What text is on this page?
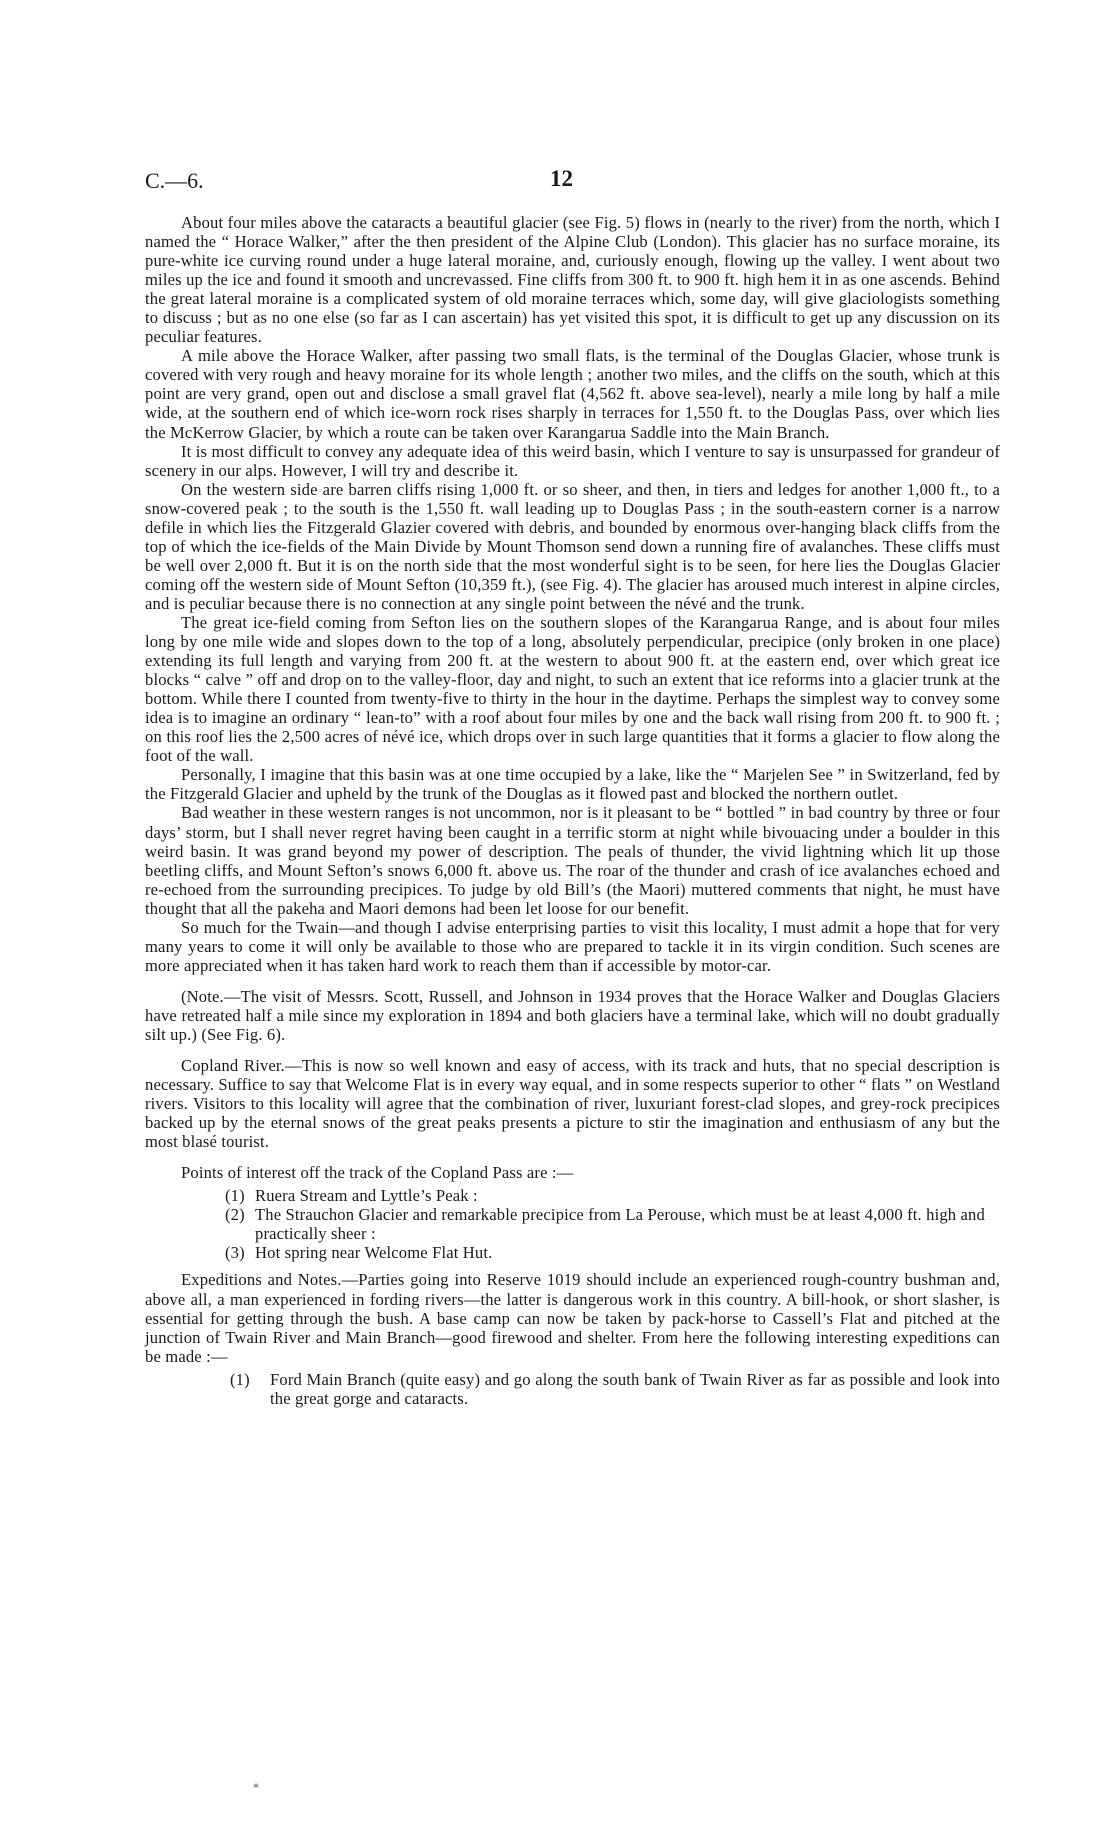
C.—6.	12

About four miles above the cataracts a beautiful glacier (see Fig. 5) flows in (nearly to the river) from the north, which I named the “ Horace Walker,” after the then president of the Alpine Club (London). This glacier has no surface moraine, its pure-white ice curving round under a huge lateral moraine, and, curiously enough, flowing up the valley. I went about two miles up the ice and found it smooth and uncrevassed. Fine cliffs from 300 ft. to 900 ft. high hem it in as one ascends. Behind the great lateral moraine is a complicated system of old moraine terraces which, some day, will give glaciologists something to discuss ; but as no one else (so far as I can ascertain) has yet visited this spot, it is difficult to get up any discussion on its peculiar features.

A mile above the Horace Walker, after passing two small flats, is the terminal of the Douglas Glacier, whose trunk is covered with very rough and heavy moraine for its whole length ; another two miles, and the cliffs on the south, which at this point are very grand, open out and disclose a small gravel flat (4,562 ft. above sea-level), nearly a mile long by half a mile wide, at the southern end of which ice-worn rock rises sharply in terraces for 1,550 ft. to the Douglas Pass, over which lies the McKerrow Glacier, by which a route can be taken over Karangarua Saddle into the Main Branch.

It is most difficult to convey any adequate idea of this weird basin, which I venture to say is unsurpassed for grandeur of scenery in our alps. However, I will try and describe it.

On the western side are barren cliffs rising 1,000 ft. or so sheer, and then, in tiers and ledges for another 1,000 ft., to a snow-covered peak ; to the south is the 1,550 ft. wall leading up to Douglas Pass ; in the south-eastern corner is a narrow defile in which lies the Fitzgerald Glazier covered with debris, and bounded by enormous over-hanging black cliffs from the top of which the ice-fields of the Main Divide by Mount Thomson send down a running fire of avalanches. These cliffs must be well over 2,000 ft. But it is on the north side that the most wonderful sight is to be seen, for here lies the Douglas Glacier coming off the western side of Mount Sefton (10,359 ft.), (see Fig. 4). The glacier has aroused much interest in alpine circles, and is peculiar because there is no connection at any single point between the névé and the trunk.

The great ice-field coming from Sefton lies on the southern slopes of the Karangarua Range, and is about four miles long by one mile wide and slopes down to the top of a long, absolutely perpendicular, precipice (only broken in one place) extending its full length and varying from 200 ft. at the western to about 900 ft. at the eastern end, over which great ice blocks “ calve ” off and drop on to the valley-floor, day and night, to such an extent that ice reforms into a glacier trunk at the bottom. While there I counted from twenty-five to thirty in the hour in the daytime. Perhaps the simplest way to convey some idea is to imagine an ordinary “ lean-to” with a roof about four miles by one and the back wall rising from 200 ft. to 900 ft. ; on this roof lies the 2,500 acres of névé ice, which drops over in such large quantities that it forms a glacier to flow along the foot of the wall.

Personally, I imagine that this basin was at one time occupied by a lake, like the “ Marjelen See ” in Switzerland, fed by the Fitzgerald Glacier and upheld by the trunk of the Douglas as it flowed past and blocked the northern outlet.

Bad weather in these western ranges is not uncommon, nor is it pleasant to be “ bottled ” in bad country by three or four days’ storm, but I shall never regret having been caught in a terrific storm at night while bivouacing under a boulder in this weird basin. It was grand beyond my power of description. The peals of thunder, the vivid lightning which lit up those beetling cliffs, and Mount Sefton’s snows 6,000 ft. above us. The roar of the thunder and crash of ice avalanches echoed and re-echoed from the surrounding precipices. To judge by old Bill’s (the Maori) muttered comments that night, he must have thought that all the pakeha and Maori demons had been let loose for our benefit.

So much for the Twain—and though I advise enterprising parties to visit this locality, I must admit a hope that for very many years to come it will only be available to those who are prepared to tackle it in its virgin condition. Such scenes are more appreciated when it has taken hard work to reach them than if accessible by motor-car.

(Note.—The visit of Messrs. Scott, Russell, and Johnson in 1934 proves that the Horace Walker and Douglas Glaciers have retreated half a mile since my exploration in 1894 and both glaciers have a terminal lake, which will no doubt gradually silt up.) (See Fig. 6).

Copland River.—This is now so well known and easy of access, with its track and huts, that no special description is necessary. Suffice to say that Welcome Flat is in every way equal, and in some respects superior to other “ flats ” on Westland rivers. Visitors to this locality will agree that the combination of river, luxuriant forest-clad slopes, and grey-rock precipices backed up by the eternal snows of the great peaks presents a picture to stir the imagination and enthusiasm of any but the most blasé tourist.

Points of interest off the track of the Copland Pass are :—

(1) Ruera Stream and Lyttle’s Peak :
(2) The Strauchon Glacier and remarkable precipice from La Perouse, which must be at least 4,000 ft. high and practically sheer :
(3) Hot spring near Welcome Flat Hut.

Expeditions and Notes.—Parties going into Reserve 1019 should include an experienced rough-country bushman and, above all, a man experienced in fording rivers—the latter is dangerous work in this country. A bill-hook, or short slasher, is essential for getting through the bush. A base camp can now be taken by pack-horse to Cassell’s Flat and pitched at the junction of Twain River and Main Branch—good firewood and shelter. From here the following interesting expeditions can be made :—

(1) Ford Main Branch (quite easy) and go along the south bank of Twain River as far as possible and look into the great gorge and cataracts.
*
